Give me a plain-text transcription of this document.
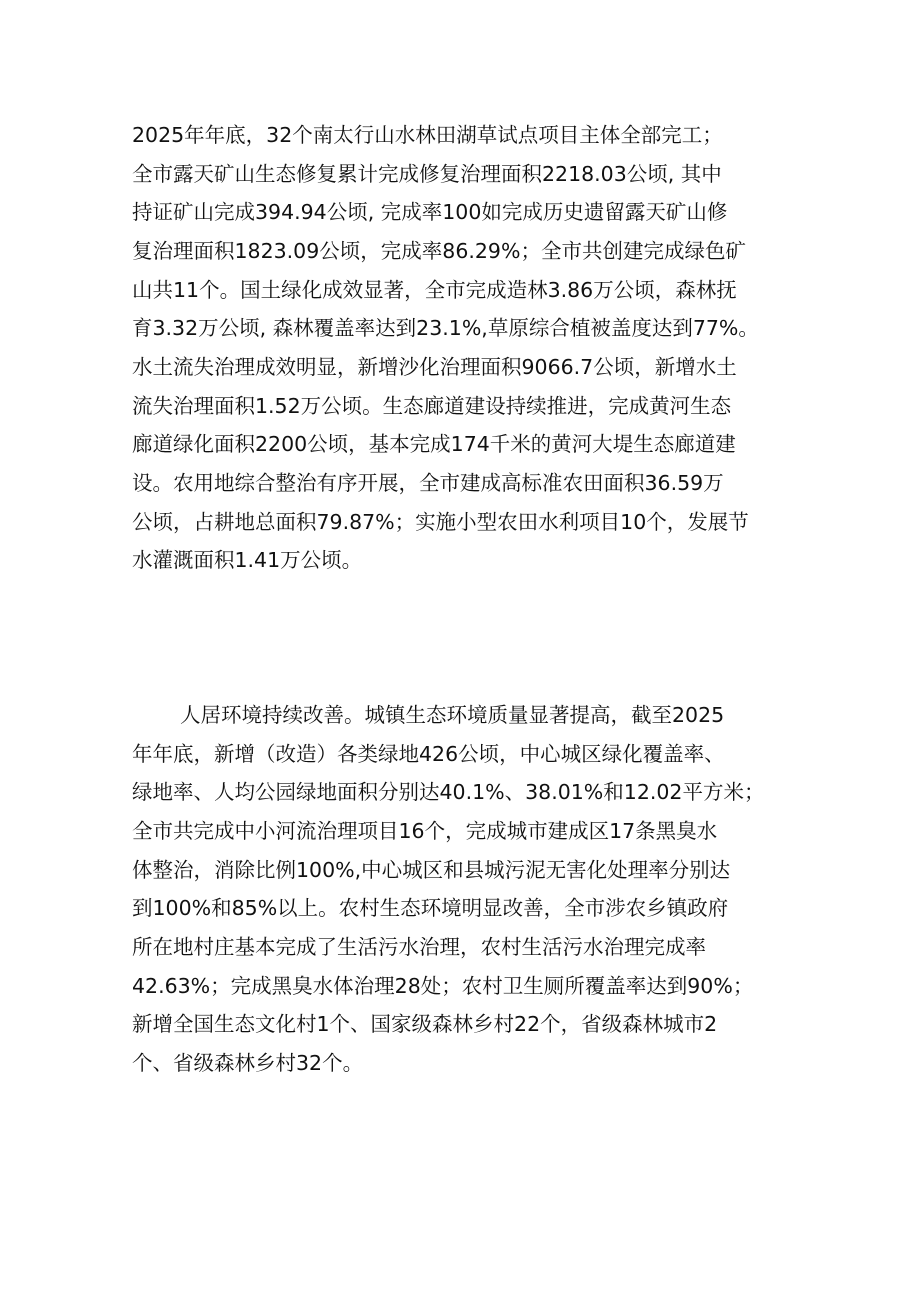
2025年年底，32个南太行山水林田湖草试点项目主体全部完工；
全市露天矿山生态修复累计完成修复治理面积2218.03公顷, 其中
持证矿山完成394.94公顷, 完成率100如完成历史遗留露天矿山修
复治理面积1823.09公顷，完成率86.29%；全市共创建完成绿色矿
山共11个。国土绿化成效显著，全市完成造林3.86万公顷，森林抚
育3.32万公顷, 森林覆盖率达到23.1%,草原综合植被盖度达到77%。
水土流失治理成效明显，新增沙化治理面积9066.7公顷，新增水土
流失治理面积1.52万公顷。生态廊道建设持续推进，完成黄河生态
廊道绿化面积2200公顷，基本完成174千米的黄河大堤生态廊道建
设。农用地综合整治有序开展，全市建成高标准农田面积36.59万
公顷，占耕地总面积79.87%；实施小型农田水利项目10个，发展节
水灌溉面积1.41万公顷。
人居环境持续改善。城镇生态环境质量显著提高，截至2025
年年底，新增（改造）各类绿地426公顷，中心城区绿化覆盖率、
绿地率、人均公园绿地面积分别达40.1%、38.01%和12.02平方米；
全市共完成中小河流治理项目16个，完成城市建成区17条黑臭水
体整治，消除比例100%,中心城区和县城污泥无害化处理率分别达
到100%和85%以上。农村生态环境明显改善，全市涉农乡镇政府
所在地村庄基本完成了生活污水治理，农村生活污水治理完成率
42.63%；完成黑臭水体治理28处；农村卫生厕所覆盖率达到90%；
新增全国生态文化村1个、国家级森林乡村22个，省级森林城市2
个、省级森林乡村32个。
